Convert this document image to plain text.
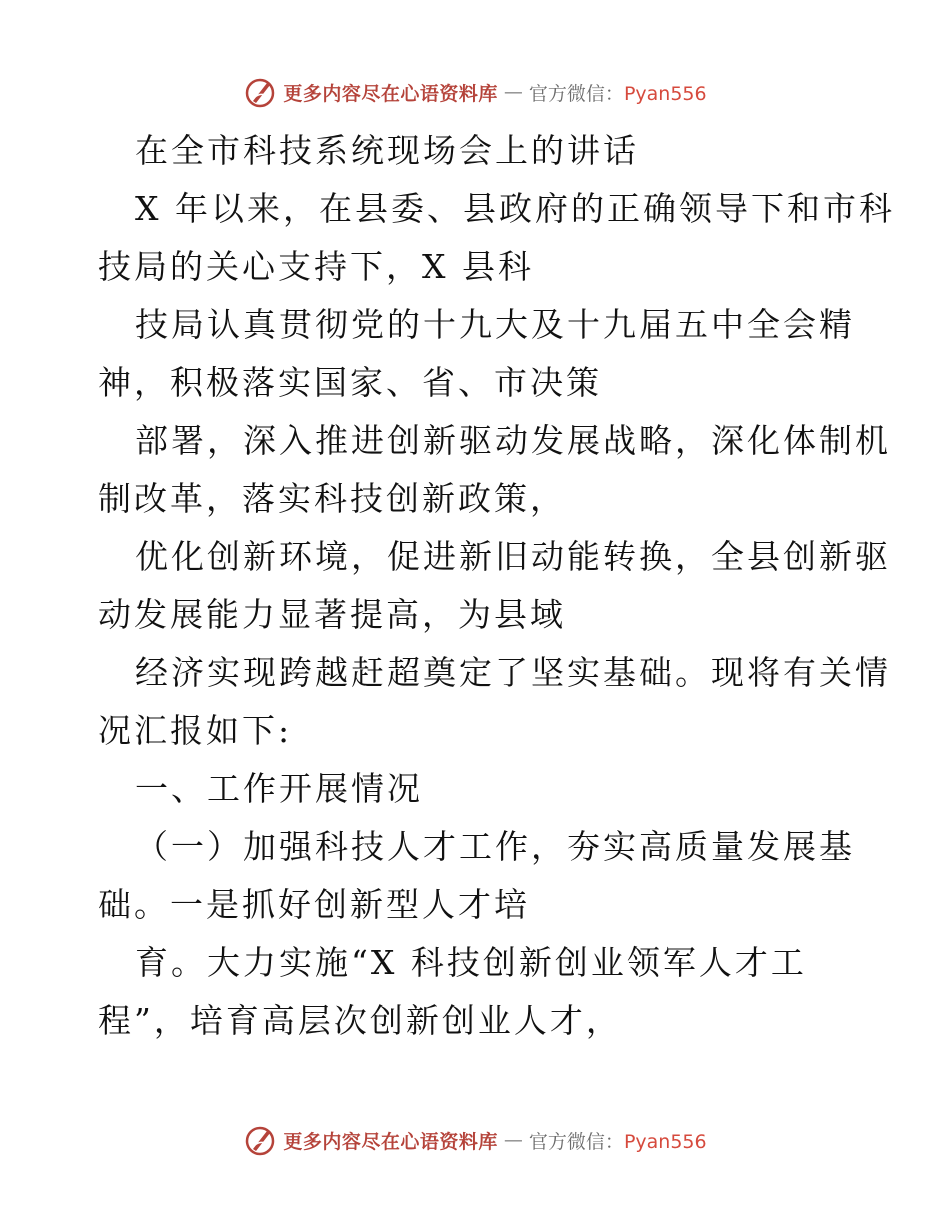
更多内容尽在心语资料库 — 官方微信：Pyan556
在全市科技系统现场会上的讲话
X 年以来，在县委、县政府的正确领导下和市科
技局的关心支持下，X 县科
技局认真贯彻党的十九大及十九届五中全会精
神，积极落实国家、省、市决策
部署，深入推进创新驱动发展战略，深化体制机
制改革，落实科技创新政策，
优化创新环境，促进新旧动能转换，全县创新驱
动发展能力显著提高，为县域
经济实现跨越赶超奠定了坚实基础。现将有关情
况汇报如下:
一、工作开展情况
（一）加强科技人才工作，夯实高质量发展基
础。一是抓好创新型人才培
育。大力实施“X 科技创新创业领军人才工
程”，培育高层次创新创业人才，
更多内容尽在心语资料库 — 官方微信：Pyan556
